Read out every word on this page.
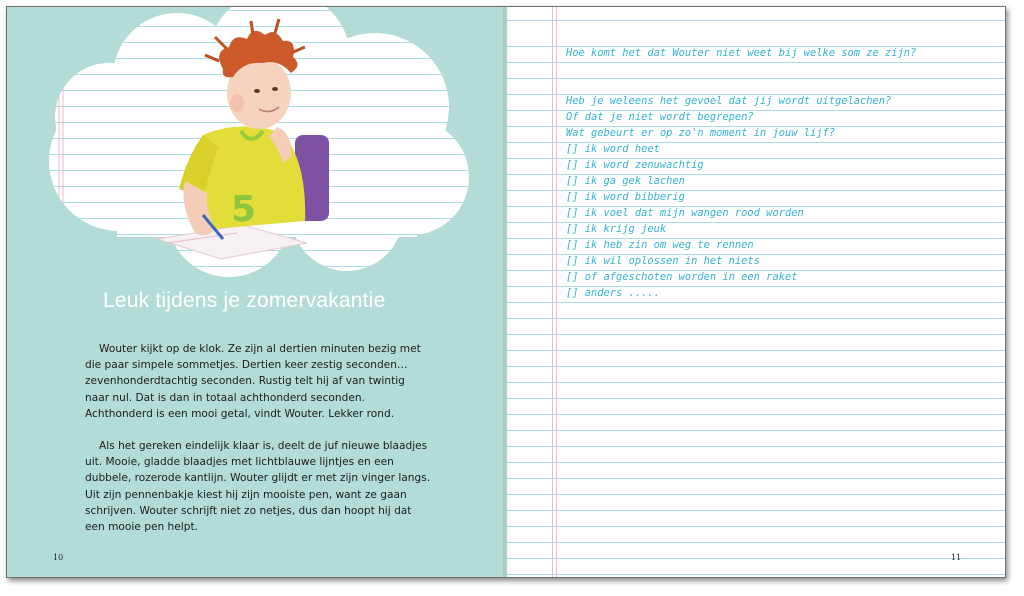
5
Leuk tijdens je zomervakantie

Wouter kijkt op de klok. Ze zijn al dertien minuten bezig met die paar simpele sommetjes. Dertien keer zestig seconden… zevenhonderdtachtig seconden. Rustig telt hij af van twintig naar nul. Dat is dan in totaal achthonderd seconden. Achthonderd is een mooi getal, vindt Wouter. Lekker rond.

Als het gereken eindelijk klaar is, deelt de juf nieuwe blaadjes uit. Mooie, gladde blaadjes met lichtblauwe lijntjes en een dubbele, rozerode kantlijn. Wouter glijdt er met zijn vinger langs. Uit zijn pennenbakje kiest hij zijn mooiste pen, want ze gaan schrijven. Wouter schrijft niet zo netjes, dus dan hoopt hij dat een mooie pen helpt.

10	11
Hoe komt het dat Wouter niet weet bij welke som ze zijn?
Heb je weleens het gevoel dat jij wordt uitgelachen?
Of dat je niet wordt begrepen?
Wat gebeurt er op zo'n moment in jouw lijf?
[] ik word heet
[] ik word zenuwachtig
[] ik ga gek lachen
[] ik word bibberig
[] ik voel dat mijn wangen rood worden
[] ik krijg jeuk
[] ik heb zin om weg te rennen
[] ik wil oplossen in het niets
[] of afgeschoten worden in een raket
[] anders .....
